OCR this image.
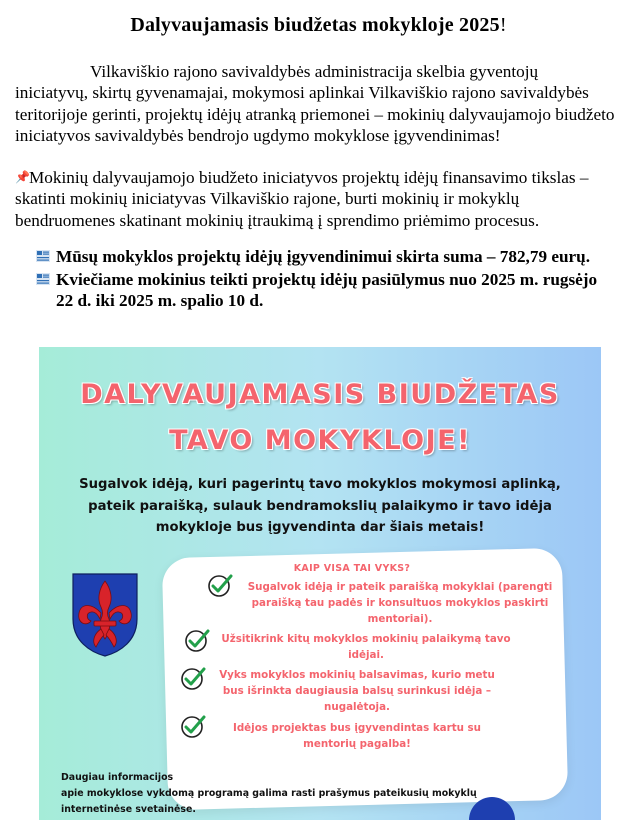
Dalyvaujamasis biudžetas mokykloje 2025!
Vilkaviškio rajono savivaldybės administracija skelbia gyventojų iniciatyvų, skirtų gyvenamajai, mokymosi aplinkai Vilkaviškio rajono savivaldybės teritorijoje gerinti, projektų idėjų atranką priemonei – mokinių dalyvaujamojo biudžeto iniciatyvos savivaldybės bendrojo ugdymo mokyklose įgyvendinimas!
📌Mokinių dalyvaujamojo biudžeto iniciatyvos projektų idėjų finansavimo tikslas – skatinti mokinių iniciatyvas Vilkaviškio rajone, burti mokinių ir mokyklų bendruomenes skatinant mokinių įtraukimą į sprendimo priėmimo procesus.
Mūsų mokyklos projektų idėjų įgyvendinimui skirta suma – 782,79 eurų.
Kviečiame mokinius teikti projektų idėjų pasiūlymus nuo 2025 m. rugsėjo 22 d. iki 2025 m. spalio 10 d.
DALYVAUJAMASIS BIUDŽETAS
TAVO MOKYKLOJE!
Sugalvok idėją, kuri pagerintų tavo mokyklos mokymosi aplinką, pateik paraišką, sulauk bendramokslių palaikymo ir tavo idėja mokykloje bus įgyvendinta dar šiais metais!
KAIP VISA TAI VYKS?
Sugalvok idėją ir pateik paraišką mokyklai (parengti paraišką tau padės ir konsultuos mokyklos paskirti mentoriai).
Užsitikrink kitų mokyklos mokinių palaikymą tavo idėjai.
Vyks mokyklos mokinių balsavimas, kurio metu bus išrinkta daugiausia balsų surinkusi idėja – nugalėtoja.
Idėjos projektas bus įgyvendintas kartu su mentorių pagalba!
Daugiau informacijos
apie mokyklose vykdomą programą galima rasti prašymus pateikusių mokyklų
internetinėse svetainėse.
